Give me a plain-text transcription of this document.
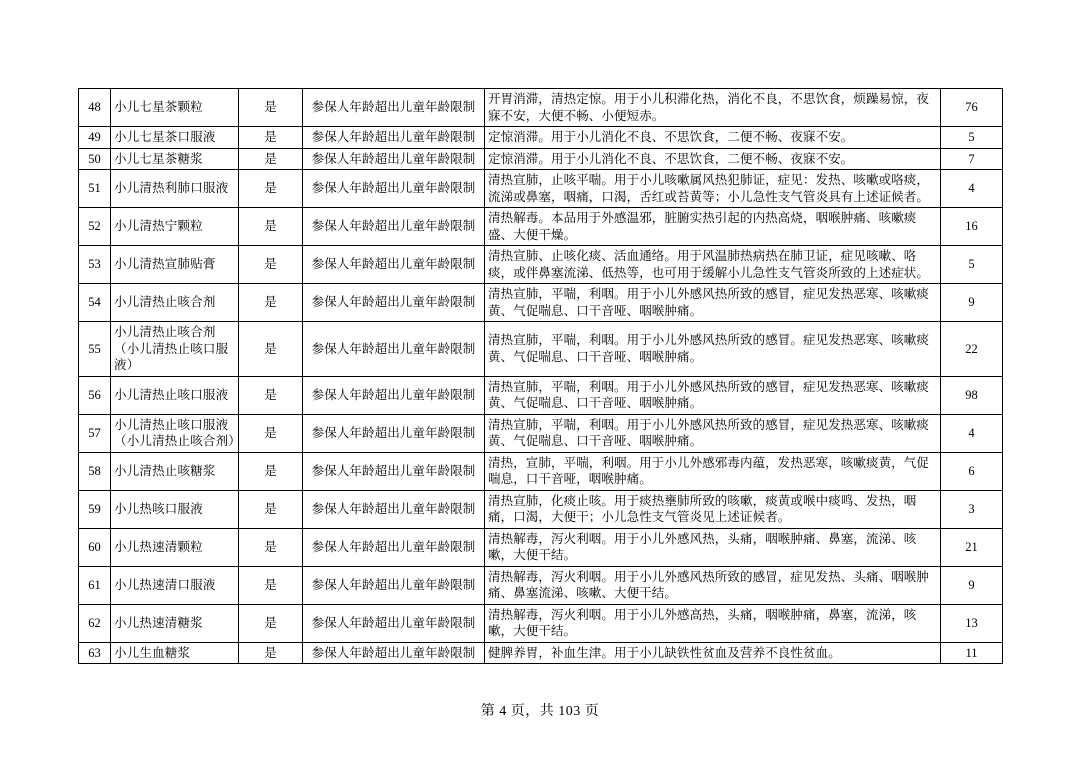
48	小儿七星茶颗粒	是	参保人年龄超出儿童年龄限制	开胃消滞，清热定惊。用于小儿积滞化热，消化不良，不思饮食，烦躁易惊，夜寐不安，大便不畅、小便短赤。	76
49	小儿七星茶口服液	是	参保人年龄超出儿童年龄限制	定惊消滞。用于小儿消化不良、不思饮食，二便不畅、夜寐不安。	5
50	小儿七星茶糖浆	是	参保人年龄超出儿童年龄限制	定惊消滞。用于小儿消化不良、不思饮食，二便不畅、夜寐不安。	7
51	小儿清热利肺口服液	是	参保人年龄超出儿童年龄限制	清热宣肺，止咳平喘。用于小儿咳嗽属风热犯肺证，症见：发热、咳嗽或咯痰，流涕或鼻塞，咽痛，口渴，舌红或苔黄等；小儿急性支气管炎具有上述证候者。	4
52	小儿清热宁颗粒	是	参保人年龄超出儿童年龄限制	清热解毒。本品用于外感温邪，脏腑实热引起的内热高烧，咽喉肿痛、咳嗽痰盛、大便干燥。	16
53	小儿清热宣肺贴膏	是	参保人年龄超出儿童年龄限制	清热宣肺、止咳化痰、活血通络。用于风温肺热病热在肺卫证，症见咳嗽、咯痰，或伴鼻塞流涕、低热等，也可用于缓解小儿急性支气管炎所致的上述症状。	5
54	小儿清热止咳合剂	是	参保人年龄超出儿童年龄限制	清热宣肺，平喘，利咽。用于小儿外感风热所致的感冒，症见发热恶寒、咳嗽痰黄、气促喘息、口干音哑、咽喉肿痛。	9
55	小儿清热止咳合剂（小儿清热止咳口服液）	是	参保人年龄超出儿童年龄限制	清热宣肺，平喘，利咽。用于小儿外感风热所致的感冒。症见发热恶寒、咳嗽痰黄、气促喘息、口干音哑、咽喉肿痛。	22
56	小儿清热止咳口服液	是	参保人年龄超出儿童年龄限制	清热宣肺，平喘，利咽。用于小儿外感风热所致的感冒，症见发热恶寒、咳嗽痰黄、气促喘息、口干音哑、咽喉肿痛。	98
57	小儿清热止咳口服液（小儿清热止咳合剂）	是	参保人年龄超出儿童年龄限制	清热宣肺，平喘，利咽。用于小儿外感风热所致的感冒，症见发热恶寒、咳嗽痰黄、气促喘息、口干音哑、咽喉肿痛。	4
58	小儿清热止咳糖浆	是	参保人年龄超出儿童年龄限制	清热，宣肺，平喘，利咽。用于小儿外感邪毒内蕴，发热恶寒，咳嗽痰黄，气促喘息，口干音哑，咽喉肿痛。	6
59	小儿热咳口服液	是	参保人年龄超出儿童年龄限制	清热宣肺，化痰止咳。用于痰热壅肺所致的咳嗽，痰黄或喉中痰鸣、发热，咽痛，口渴，大便干；小儿急性支气管炎见上述证候者。	3
60	小儿热速清颗粒	是	参保人年龄超出儿童年龄限制	清热解毒，泻火利咽。用于小儿外感风热，头痛，咽喉肿痛、鼻塞，流涕、咳嗽，大便干结。	21
61	小儿热速清口服液	是	参保人年龄超出儿童年龄限制	清热解毒，泻火利咽。用于小儿外感风热所致的感冒，症见发热、头痛、咽喉肿痛、鼻塞流涕、咳嗽、大便干结。	9
62	小儿热速清糖浆	是	参保人年龄超出儿童年龄限制	清热解毒，泻火利咽。用于小儿外感高热，头痛，咽喉肿痛，鼻塞，流涕，咳嗽，大便干结。	13
63	小儿生血糖浆	是	参保人年龄超出儿童年龄限制	健脾养胃，补血生津。用于小儿缺铁性贫血及营养不良性贫血。	11
第 4 页，共 103 页
